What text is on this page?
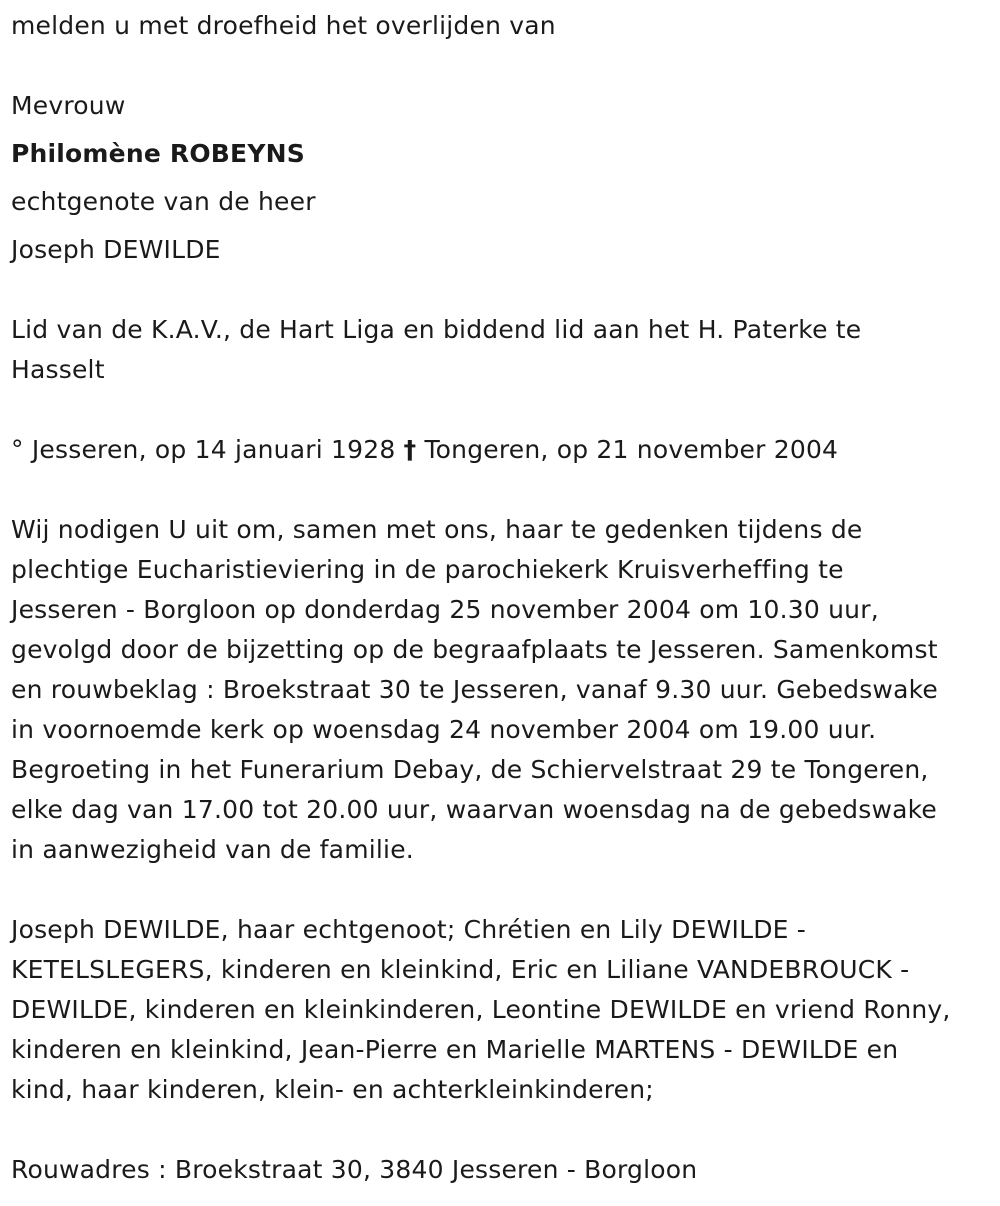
melden u met droefheid het overlijden van
Mevrouw
Philomène ROBEYNS
echtgenote van de heer
Joseph DEWILDE
Lid van de K.A.V., de Hart Liga en biddend lid aan het H. Paterke te
Hasselt
° Jesseren, op 14 januari 1928 † Tongeren, op 21 november 2004
Wij nodigen U uit om, samen met ons, haar te gedenken tijdens de
plechtige Eucharistieviering in de parochiekerk Kruisverheffing te
Jesseren - Borgloon op donderdag 25 november 2004 om 10.30 uur,
gevolgd door de bijzetting op de begraafplaats te Jesseren. Samenkomst
en rouwbeklag : Broekstraat 30 te Jesseren, vanaf 9.30 uur. Gebedswake
in voornoemde kerk op woensdag 24 november 2004 om 19.00 uur.
Begroeting in het Funerarium Debay, de Schiervelstraat 29 te Tongeren,
elke dag van 17.00 tot 20.00 uur, waarvan woensdag na de gebedswake
in aanwezigheid van de familie.
Joseph DEWILDE, haar echtgenoot; Chrétien en Lily DEWILDE -
KETELSLEGERS, kinderen en kleinkind, Eric en Liliane VANDEBROUCK -
DEWILDE, kinderen en kleinkinderen, Leontine DEWILDE en vriend Ronny,
kinderen en kleinkind, Jean-Pierre en Marielle MARTENS - DEWILDE en
kind, haar kinderen, klein- en achterkleinkinderen;
Rouwadres : Broekstraat 30, 3840 Jesseren - Borgloon
